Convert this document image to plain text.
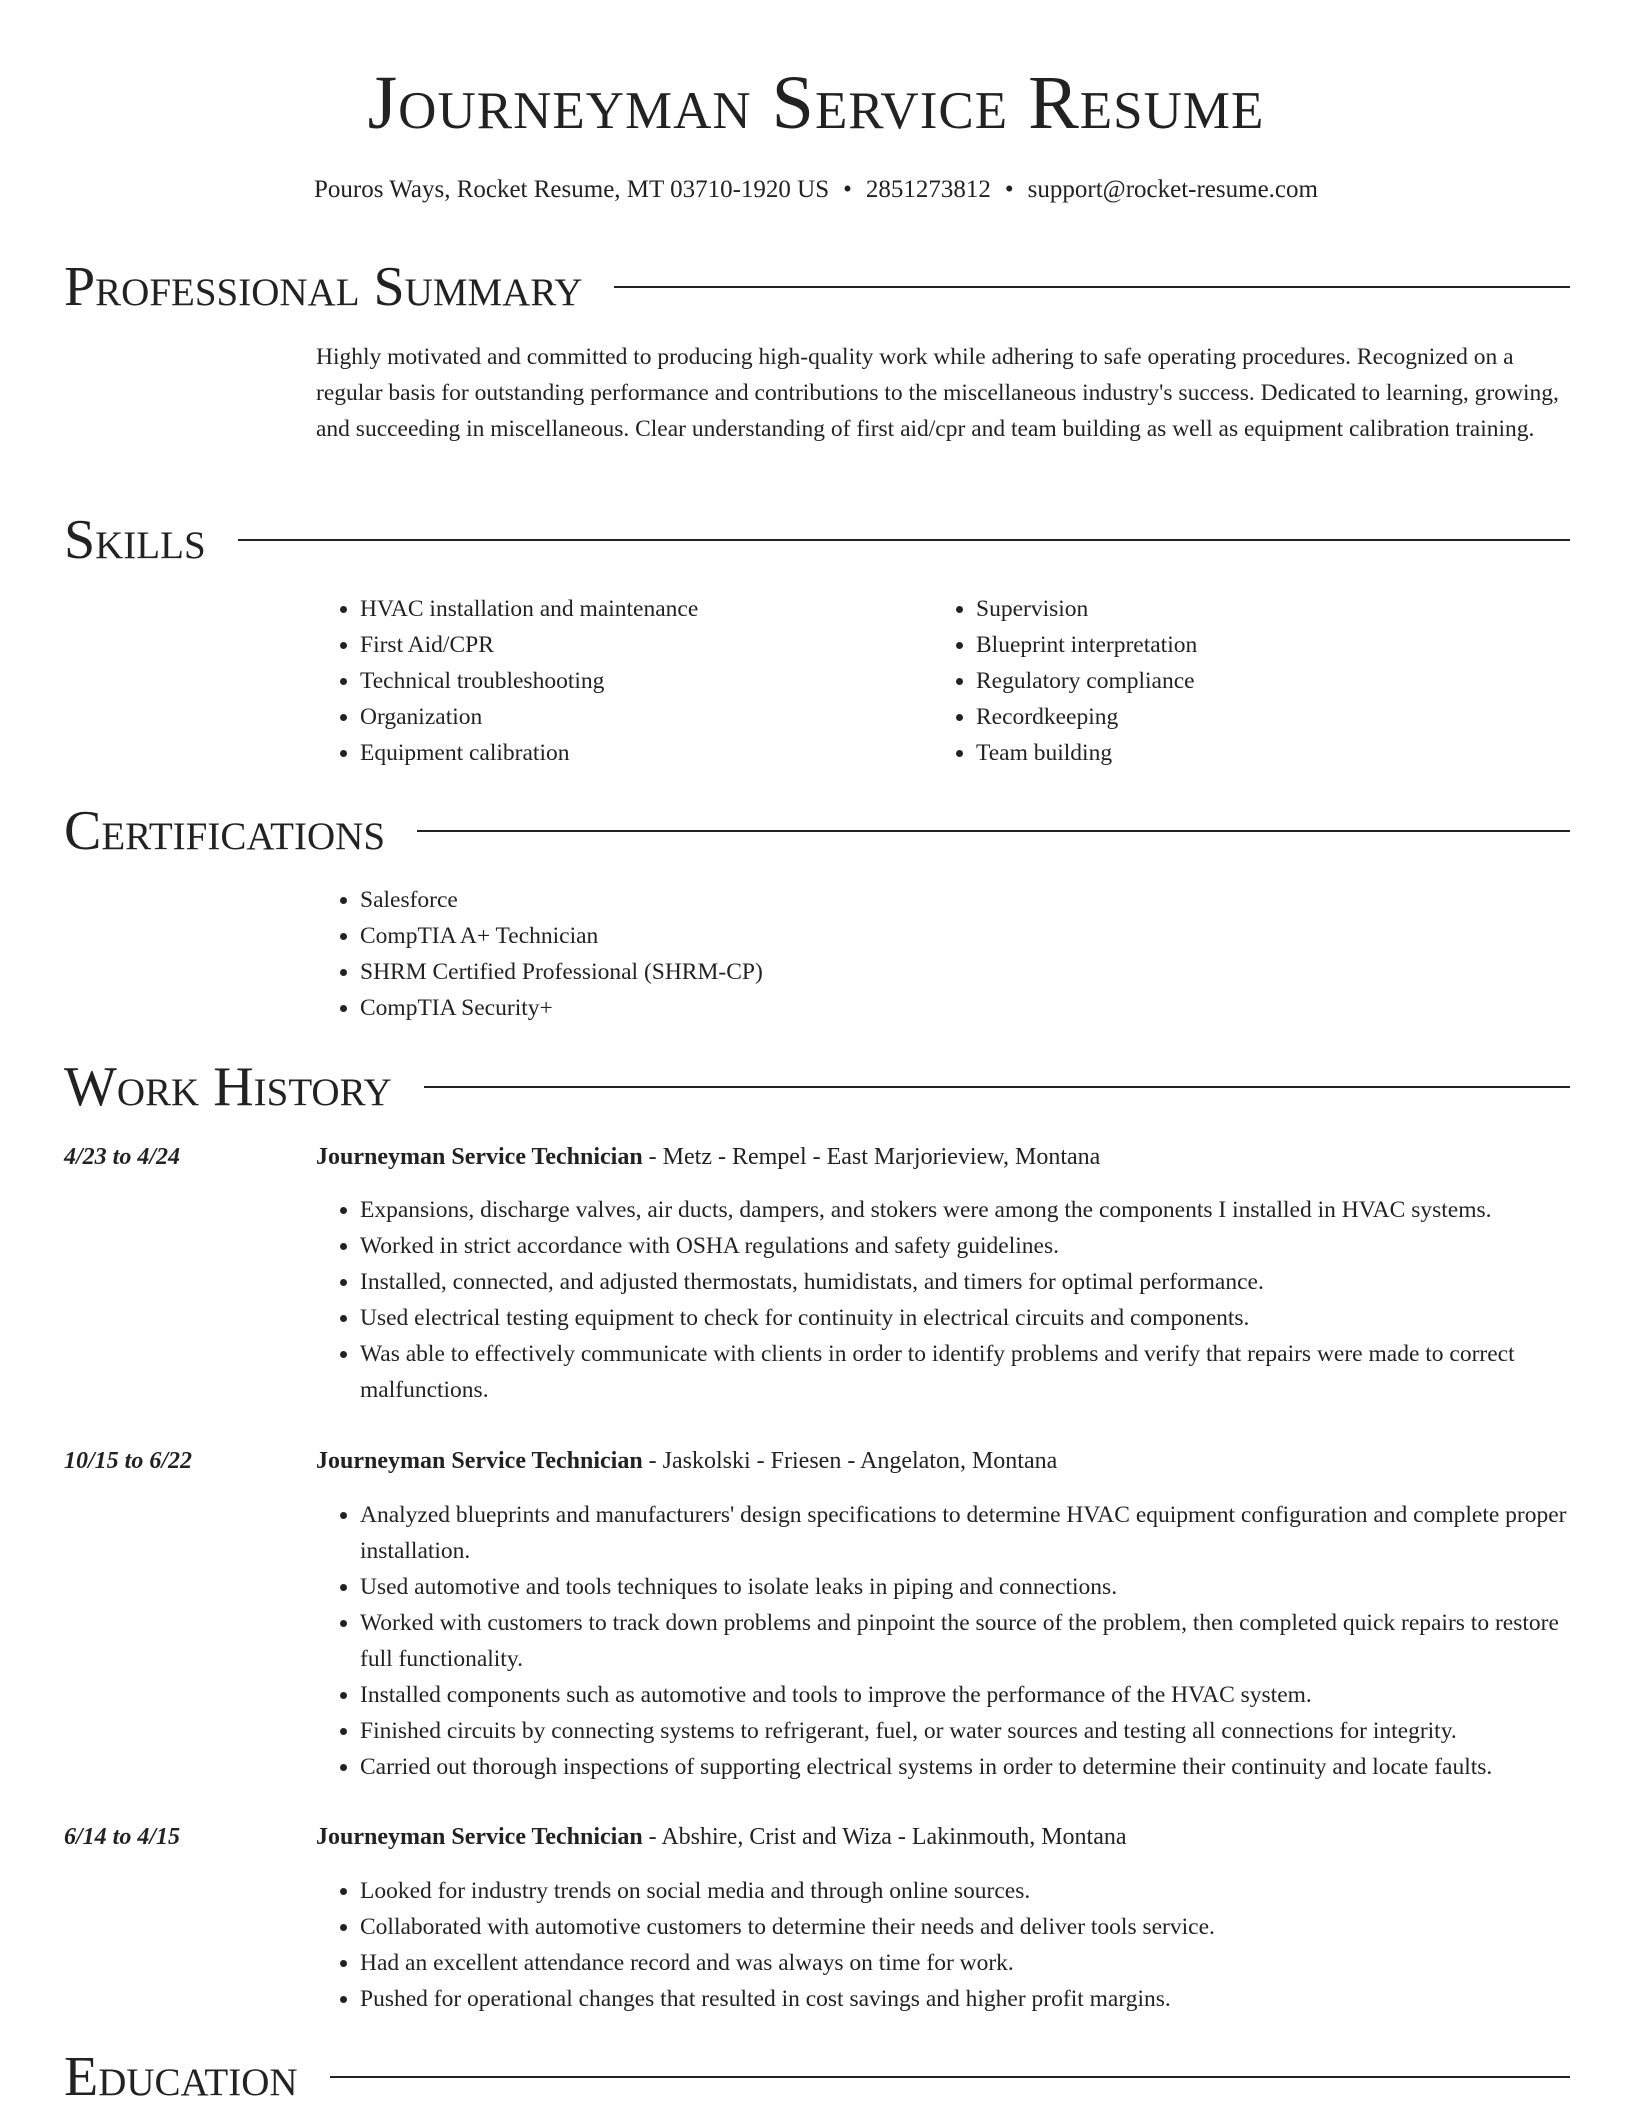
Journeyman Service Resume
Pouros Ways, Rocket Resume, MT 03710-1920 US • 2851273812 • support@rocket-resume.com
Professional Summary
Highly motivated and committed to producing high-quality work while adhering to safe operating procedures. Recognized on a regular basis for outstanding performance and contributions to the miscellaneous industry's success. Dedicated to learning, growing, and succeeding in miscellaneous. Clear understanding of first aid/cpr and team building as well as equipment calibration training.
Skills
• HVAC installation and maintenance
• First Aid/CPR
• Technical troubleshooting
• Organization
• Equipment calibration
• Supervision
• Blueprint interpretation
• Regulatory compliance
• Recordkeeping
• Team building
Certifications
• Salesforce
• CompTIA A+ Technician
• SHRM Certified Professional (SHRM-CP)
• CompTIA Security+
Work History
4/23 to 4/24	Journeyman Service Technician - Metz - Rempel - East Marjorieview, Montana
• Expansions, discharge valves, air ducts, dampers, and stokers were among the components I installed in HVAC systems.
• Worked in strict accordance with OSHA regulations and safety guidelines.
• Installed, connected, and adjusted thermostats, humidistats, and timers for optimal performance.
• Used electrical testing equipment to check for continuity in electrical circuits and components.
• Was able to effectively communicate with clients in order to identify problems and verify that repairs were made to correct malfunctions.
10/15 to 6/22	Journeyman Service Technician - Jaskolski - Friesen - Angelaton, Montana
• Analyzed blueprints and manufacturers' design specifications to determine HVAC equipment configuration and complete proper installation.
• Used automotive and tools techniques to isolate leaks in piping and connections.
• Worked with customers to track down problems and pinpoint the source of the problem, then completed quick repairs to restore full functionality.
• Installed components such as automotive and tools to improve the performance of the HVAC system.
• Finished circuits by connecting systems to refrigerant, fuel, or water sources and testing all connections for integrity.
• Carried out thorough inspections of supporting electrical systems in order to determine their continuity and locate faults.
6/14 to 4/15	Journeyman Service Technician - Abshire, Crist and Wiza - Lakinmouth, Montana
• Looked for industry trends on social media and through online sources.
• Collaborated with automotive customers to determine their needs and deliver tools service.
• Had an excellent attendance record and was always on time for work.
• Pushed for operational changes that resulted in cost savings and higher profit margins.
Education
